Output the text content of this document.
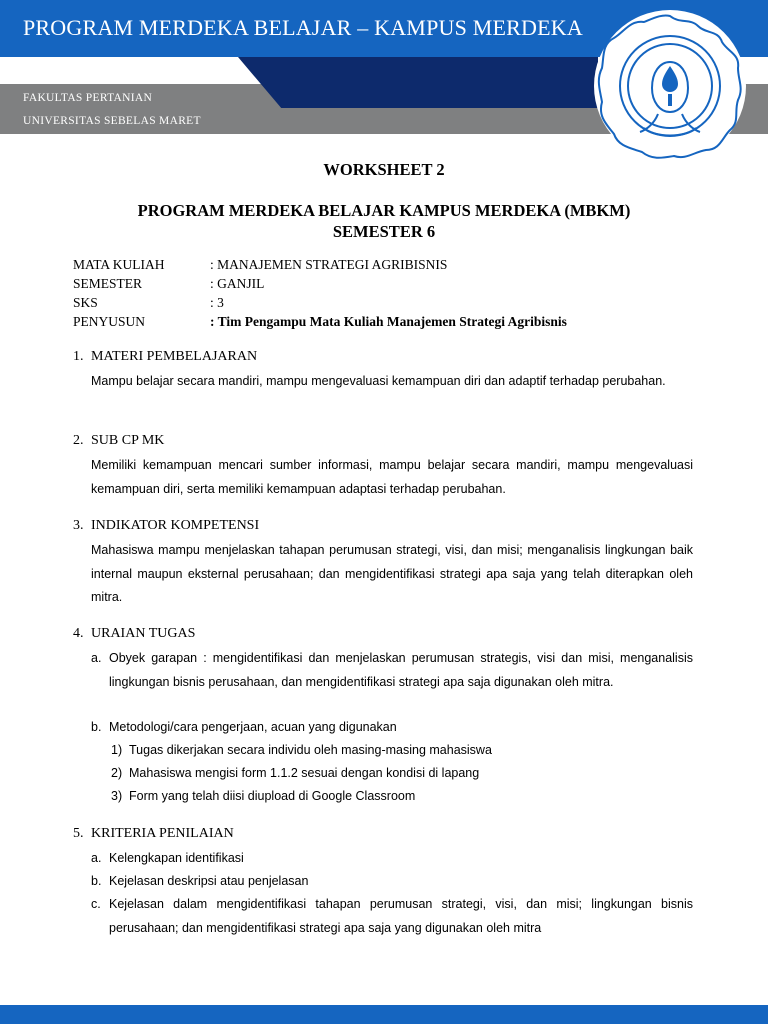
PROGRAM MERDEKA BELAJAR – KAMPUS MERDEKA
FAKULTAS PERTANIAN
UNIVERSITAS SEBELAS MARET
WORKSHEET 2
PROGRAM MERDEKA BELAJAR KAMPUS MERDEKA (MBKM)
SEMESTER 6
MATA KULIAH	: MANAJEMEN STRATEGI AGRIBISNIS
SEMESTER	: GANJIL
SKS	: 3
PENYUSUN	: Tim Pengampu Mata Kuliah Manajemen Strategi Agribisnis
1. MATERI PEMBELAJARAN
Mampu belajar secara mandiri, mampu mengevaluasi kemampuan diri dan adaptif terhadap perubahan.
2. SUB CP MK
Memiliki kemampuan mencari sumber informasi, mampu belajar secara mandiri, mampu mengevaluasi kemampuan diri, serta memiliki kemampuan adaptasi terhadap perubahan.
3. INDIKATOR KOMPETENSI
Mahasiswa mampu menjelaskan tahapan perumusan strategi, visi, dan misi; menganalisis lingkungan baik internal maupun eksternal perusahaan; dan mengidentifikasi strategi apa saja yang telah diterapkan oleh mitra.
4. URAIAN TUGAS
a. Obyek garapan : mengidentifikasi dan menjelaskan perumusan strategis, visi dan misi, menganalisis lingkungan bisnis perusahaan, dan mengidentifikasi strategi apa saja digunakan oleh mitra.
b. Metodologi/cara pengerjaan, acuan yang digunakan
1) Tugas dikerjakan secara individu oleh masing-masing mahasiswa
2) Mahasiswa mengisi form 1.1.2 sesuai dengan kondisi di lapang
3) Form yang telah diisi diupload di Google Classroom
5. KRITERIA PENILAIAN
a. Kelengkapan identifikasi
b. Kejelasan deskripsi atau penjelasan
c. Kejelasan dalam mengidentifikasi tahapan perumusan strategi, visi, dan misi; lingkungan bisnis perusahaan; dan mengidentifikasi strategi apa saja yang digunakan oleh mitra
